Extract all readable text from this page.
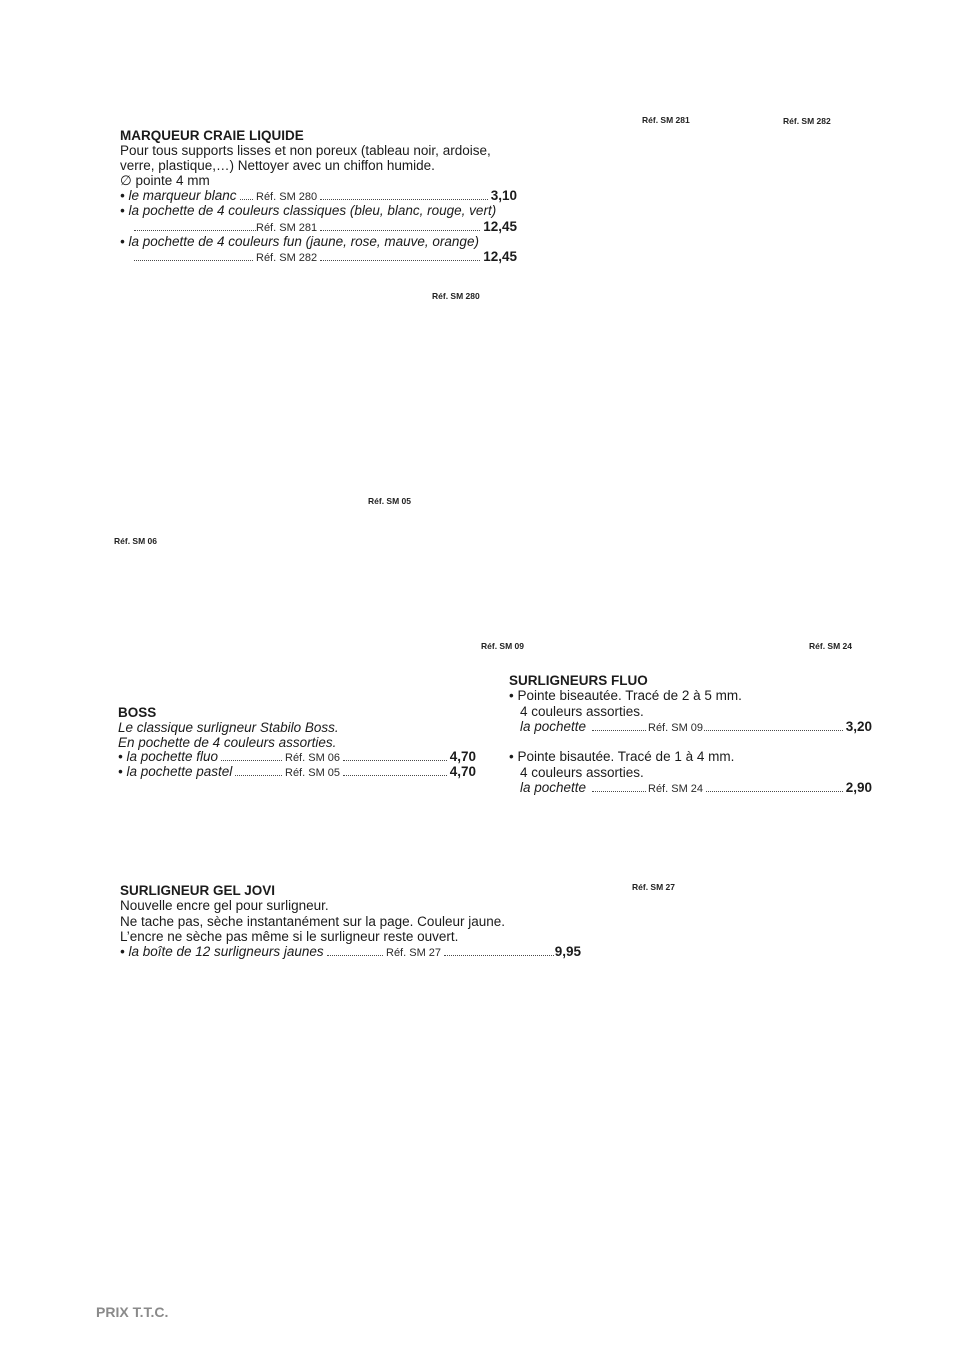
Réf. SM 281	Réf. SM 282
Réf. SM 280
Réf. SM 05
Réf. SM 06
Réf. SM 09	Réf. SM 24
Réf. SM 27
MARQUEUR CRAIE LIQUIDE
Pour tous supports lisses et non poreux (tableau noir, ardoise,
verre, plastique,…) Nettoyer avec un chiffon humide.
∅ pointe 4 mm
• le marqueur blanc Réf. SM 280	3,10
• la pochette de 4 couleurs classiques (bleu, blanc, rouge, vert)
Réf. SM 281	12,45
• la pochette de 4 couleurs fun (jaune, rose, mauve, orange)
Réf. SM 282	12,45
BOSS
Le classique surligneur Stabilo Boss.
En pochette de 4 couleurs assorties.
• la pochette fluo	Réf. SM 06	4,70
• la pochette pastel	Réf. SM 05	4,70
SURLIGNEURS FLUO
• Pointe biseautée. Tracé de 2 à 5 mm.
4 couleurs assorties.
la pochette	Réf. SM 09	3,20
• Pointe bisautée. Tracé de 1 à 4 mm.
4 couleurs assorties.
la pochette	Réf. SM 24	2,90
SURLIGNEUR GEL JOVI
Nouvelle encre gel pour surligneur.
Ne tache pas, sèche instantanément sur la page. Couleur jaune.
L’encre ne sèche pas même si le surligneur reste ouvert.
• la boîte de 12 surligneurs jaunes	Réf. SM 27	9,95
PRIX T.T.C.
